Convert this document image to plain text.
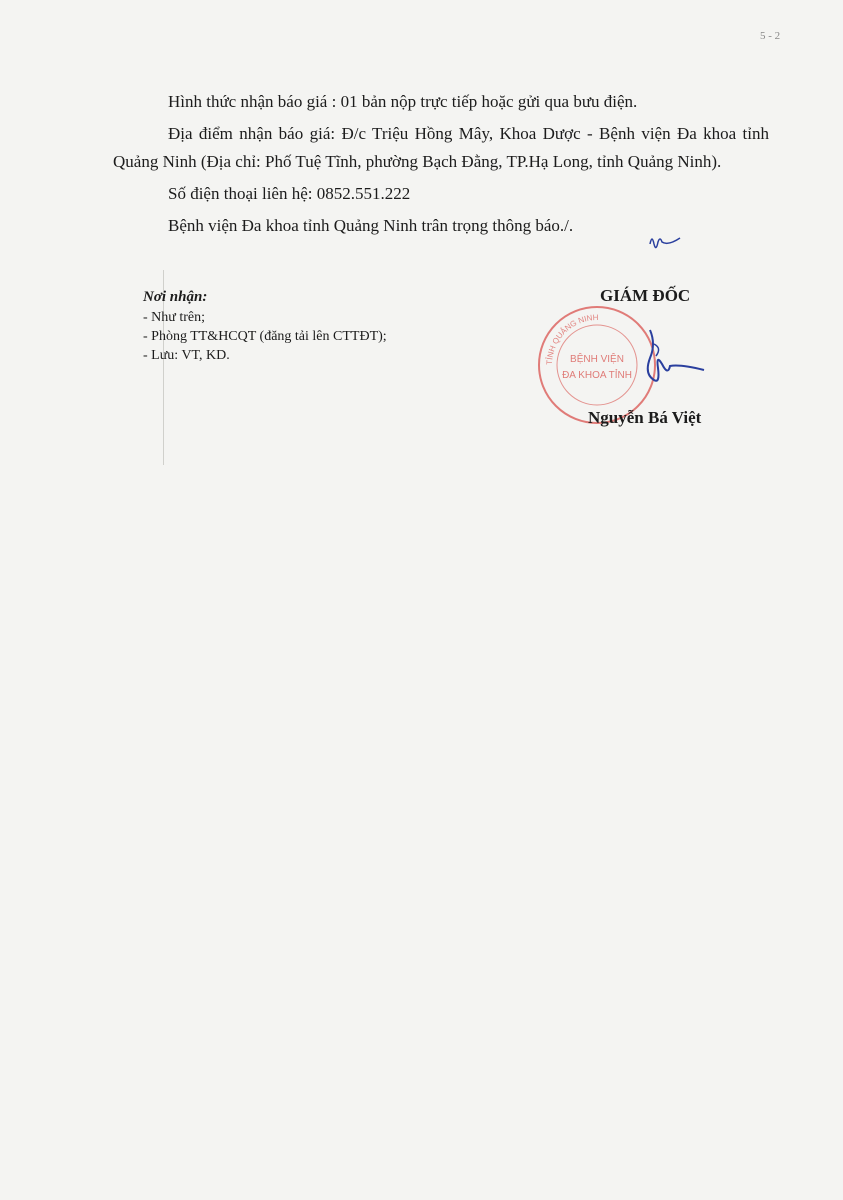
5 - 2

Hình thức nhận báo giá : 01 bản nộp trực tiếp hoặc gửi qua bưu điện.

Địa điểm nhận báo giá: Đ/c Triệu Hồng Mây, Khoa Dược - Bệnh viện Đa khoa tỉnh Quảng Ninh (Địa chỉ: Phố Tuệ Tĩnh, phường Bạch Đằng, TP.Hạ Long, tỉnh Quảng Ninh).

Số điện thoại liên hệ: 0852.551.222

Bệnh viện Đa khoa tỉnh Quảng Ninh trân trọng thông báo./.

Nơi nhận:
- Như trên;
- Phòng TT&HCQT (đăng tải lên CTTĐT);
- Lưu: VT, KD.	TỈNH QUẢNG NINH
BỆNH VIỆN
ĐA KHOA TỈNH
GIÁM ĐỐC
Nguyễn Bá Việt
